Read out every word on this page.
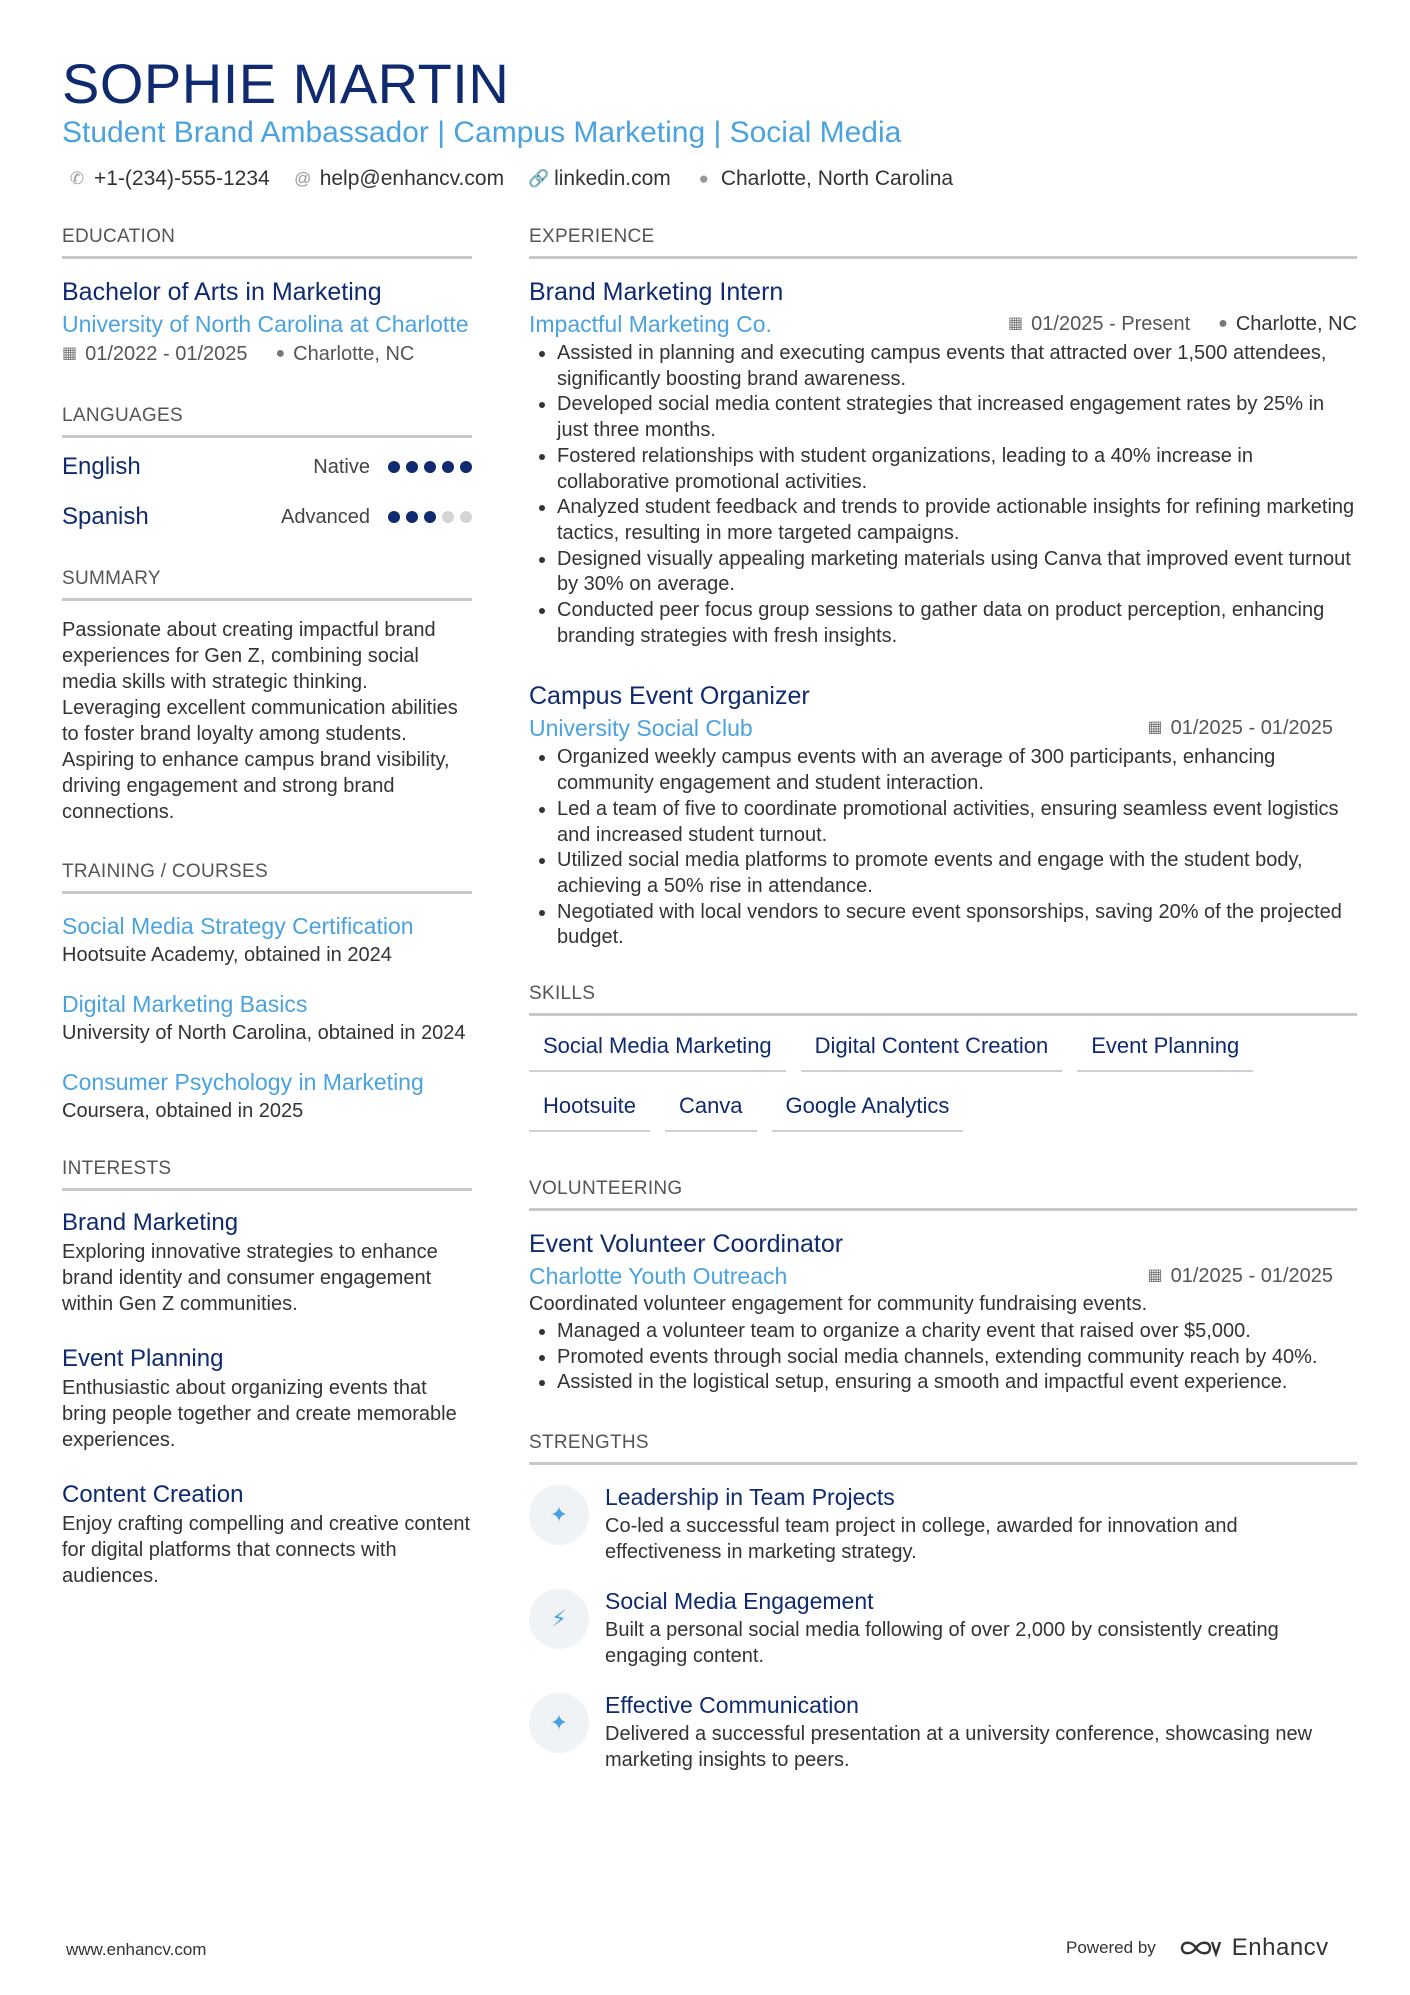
SOPHIE MARTIN
Student Brand Ambassador | Campus Marketing | Social Media
✆ +1-(234)-555-1234 @ help@enhancv.com 🔗 linkedin.com ● Charlotte, North Carolina
EDUCATION
Bachelor of Arts in Marketing
University of North Carolina at Charlotte
▦ 01/2022 - 01/2025 ● Charlotte, NC
LANGUAGES
English	Native
Spanish	Advanced
SUMMARY
Passionate about creating impactful brand experiences for Gen Z, combining social media skills with strategic thinking. Leveraging excellent communication abilities to foster brand loyalty among students. Aspiring to enhance campus brand visibility, driving engagement and strong brand connections.
TRAINING / COURSES
Social Media Strategy Certification
Hootsuite Academy, obtained in 2024
Digital Marketing Basics
University of North Carolina, obtained in 2024
Consumer Psychology in Marketing
Coursera, obtained in 2025
INTERESTS
Brand Marketing
Exploring innovative strategies to enhance brand identity and consumer engagement within Gen Z communities.
Event Planning
Enthusiastic about organizing events that bring people together and create memorable experiences.
Content Creation
Enjoy crafting compelling and creative content for digital platforms that connects with audiences.
EXPERIENCE
Brand Marketing Intern
Impactful Marketing Co.	▦ 01/2025 - Present ● Charlotte, NC
• Assisted in planning and executing campus events that attracted over 1,500 attendees, significantly boosting brand awareness.
• Developed social media content strategies that increased engagement rates by 25% in just three months.
• Fostered relationships with student organizations, leading to a 40% increase in collaborative promotional activities.
• Analyzed student feedback and trends to provide actionable insights for refining marketing tactics, resulting in more targeted campaigns.
• Designed visually appealing marketing materials using Canva that improved event turnout by 30% on average.
• Conducted peer focus group sessions to gather data on product perception, enhancing branding strategies with fresh insights.
Campus Event Organizer
University Social Club	▦ 01/2025 - 01/2025
• Organized weekly campus events with an average of 300 participants, enhancing community engagement and student interaction.
• Led a team of five to coordinate promotional activities, ensuring seamless event logistics and increased student turnout.
• Utilized social media platforms to promote events and engage with the student body, achieving a 50% rise in attendance.
• Negotiated with local vendors to secure event sponsorships, saving 20% of the projected budget.
SKILLS
Social Media Marketing	Digital Content Creation	Event Planning
Hootsuite	Canva	Google Analytics
VOLUNTEERING
Event Volunteer Coordinator
Charlotte Youth Outreach	▦ 01/2025 - 01/2025
Coordinated volunteer engagement for community fundraising events.
• Managed a volunteer team to organize a charity event that raised over $5,000.
• Promoted events through social media channels, extending community reach by 40%.
• Assisted in the logistical setup, ensuring a smooth and impactful event experience.
STRENGTHS
✦
Leadership in Team Projects
Co-led a successful team project in college, awarded for innovation and effectiveness in marketing strategy.
⚡
Social Media Engagement
Built a personal social media following of over 2,000 by consistently creating engaging content.
✦
Effective Communication
Delivered a successful presentation at a university conference, showcasing new marketing insights to peers.
www.enhancv.com	Powered by	Enhancv
